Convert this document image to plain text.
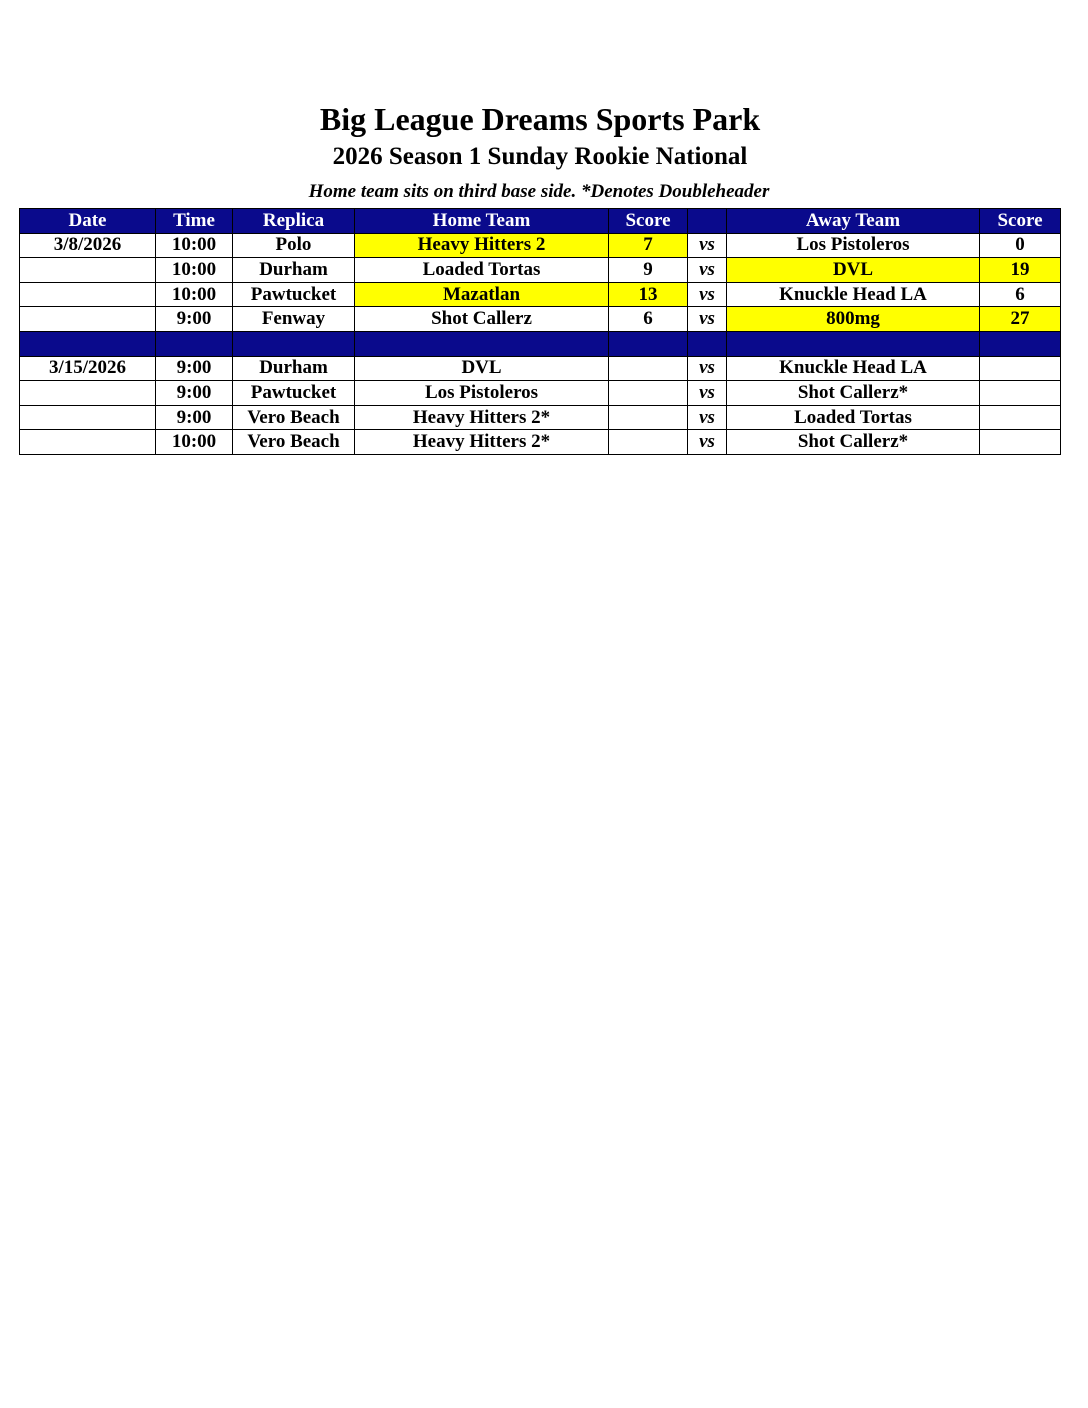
Big League Dreams Sports Park
2026 Season 1 Sunday Rookie National
Home team sits on third base side. *Denotes Doubleheader
Date	Time	Replica	Home Team	Score		Away Team	Score
3/8/2026	10:00	Polo	Heavy Hitters 2	7	vs	Los Pistoleros	0
	10:00	Durham	Loaded Tortas	9	vs	DVL	19
	10:00	Pawtucket	Mazatlan	13	vs	Knuckle Head LA	6
	9:00	Fenway	Shot Callerz	6	vs	800mg	27

3/15/2026	9:00	Durham	DVL		vs	Knuckle Head LA	
	9:00	Pawtucket	Los Pistoleros		vs	Shot Callerz*	
	9:00	Vero Beach	Heavy Hitters 2*		vs	Loaded Tortas	
	10:00	Vero Beach	Heavy Hitters 2*		vs	Shot Callerz*	
